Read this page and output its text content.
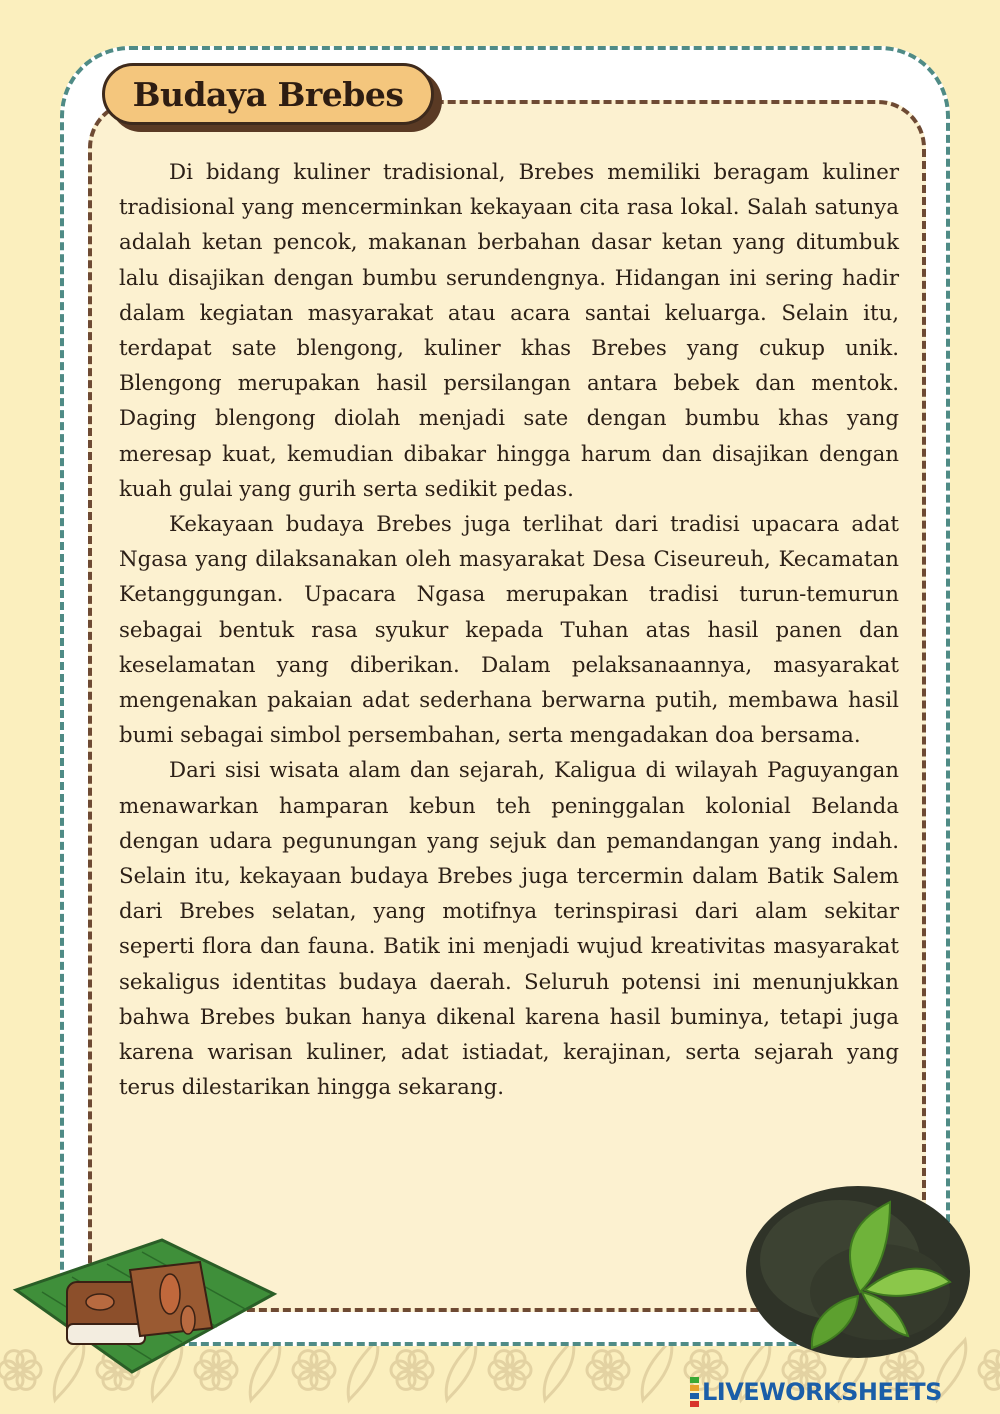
Budaya Brebes

Di bidang kuliner tradisional, Brebes memiliki beragam kuliner tradisional yang mencerminkan kekayaan cita rasa lokal. Salah satunya adalah ketan pencok, makanan berbahan dasar ketan yang ditumbuk lalu disajikan dengan bumbu serundengnya. Hidangan ini sering hadir dalam kegiatan masyarakat atau acara santai keluarga. Selain itu, terdapat sate blengong, kuliner khas Brebes yang cukup unik. Blengong merupakan hasil persilangan antara bebek dan mentok. Daging blengong diolah menjadi sate dengan bumbu khas yang meresap kuat, kemudian dibakar hingga harum dan disajikan dengan kuah gulai yang gurih serta sedikit pedas.

Kekayaan budaya Brebes juga terlihat dari tradisi upacara adat Ngasa yang dilaksanakan oleh masyarakat Desa Ciseureuh, Kecamatan Ketanggungan. Upacara Ngasa merupakan tradisi turun-temurun sebagai bentuk rasa syukur kepada Tuhan atas hasil panen dan keselamatan yang diberikan. Dalam pelaksanaannya, masyarakat mengenakan pakaian adat sederhana berwarna putih, membawa hasil bumi sebagai simbol persembahan, serta mengadakan doa bersama.

Dari sisi wisata alam dan sejarah, Kaligua di wilayah Paguyangan menawarkan hamparan kebun teh peninggalan kolonial Belanda dengan udara pegunungan yang sejuk dan pemandangan yang indah. Selain itu, kekayaan budaya Brebes juga tercermin dalam Batik Salem dari Brebes selatan, yang motifnya terinspirasi dari alam sekitar seperti flora dan fauna. Batik ini menjadi wujud kreativitas masyarakat sekaligus identitas budaya daerah. Seluruh potensi ini menunjukkan bahwa Brebes bukan hanya dikenal karena hasil buminya, tetapi juga karena warisan kuliner, adat istiadat, kerajinan, serta sejarah yang terus dilestarikan hingga sekarang.

LIVEWORKSHEETS
